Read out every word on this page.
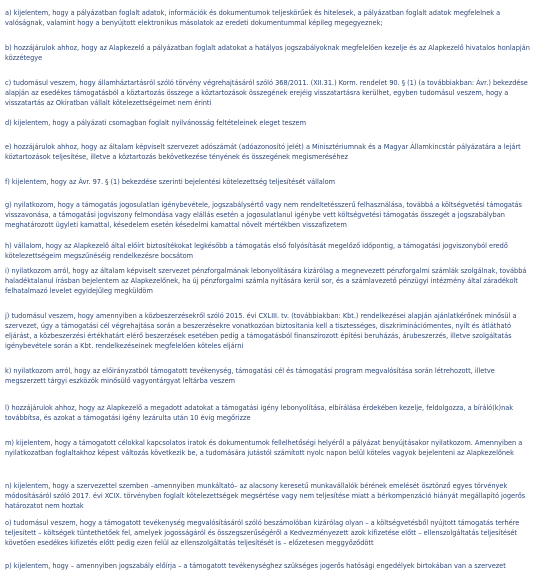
a) kijelentem, hogy a pályázatban foglalt adatok, információk és dokumentumok teljeskörűek és hitelesek, a pályázatban foglalt adatok megfelelnek a valóságnak, valamint hogy a benyújtott elektronikus másolatok az eredeti dokumentummal képileg megegyeznek;
b) hozzájárulok ahhoz, hogy az Alapkezelő a pályázatban foglalt adatokat a hatályos jogszabályoknak megfelelően kezelje és az Alapkezelő hivatalos honlapján közzétegye
c) tudomásul veszem, hogy államháztartásról szóló törvény végrehajtásáról szóló 368/2011. (XII.31.) Korm. rendelet 90. § (1) (a továbbiakban: Ávr.) bekezdése alapján az esedékes támogatásból a köztartozás összege a köztartozások összegének erejéig visszatartásra kerülhet, egyben tudomásul veszem, hogy a visszatartás az Okiratban vállalt kötelezettségeimet nem érinti
d) kijelentem, hogy a pályázati csomagban foglalt nyilvánosság feltételeinek eleget teszem
e) hozzájárulok ahhoz, hogy az általam képviselt szervezet adószámát (adóazonosító jelét) a Minisztériumnak és a Magyar Államkincstár pályázatára a lejárt köztartozások teljesítése, illetve a köztartozás bekövetkezése tényének és összegének megismeréséhez
f) kijelentem, hogy az Ávr. 97. § (1) bekezdése szerinti bejelentési kötelezettség teljesítését vállalom
g) nyilatkozom, hogy a támogatás jogosulatlan igénybevétele, jogszabálysértő vagy nem rendeltetésszerű felhasználása, továbbá a költségvetési támogatás visszavonása, a támogatási jogviszony felmondása vagy elállás esetén a jogosulatlanul igénybe vett költségvetési támogatás összegét a jogszabályban meghatározott ügyleti kamattal, késedelem esetén késedelmi kamattal növelt mértékben visszafizetem
h) vállalom, hogy az Alapkezelő által előírt biztosítékokat legkésőbb a támogatás első folyósítását megelőző időpontig, a támogatási jogviszonyból eredő kötelezettségeim megszűnéséig rendelkezésre bocsátom
i) nyilatkozom arról, hogy az általam képviselt szervezet pénzforgalmának lebonyolítására kizárólag a megnevezett pénzforgalmi számlák szolgálnak, továbbá haladéktalanul írásban bejelentem az Alapkezelőnek, ha új pénzforgalmi számla nyitására kerül sor, és a számlavezető pénzügyi intézmény által záradékolt felhatalmazó levelet egyidejűleg megküldöm
j) tudomásul veszem, hogy amennyiben a közbeszerzésekről szóló 2015. évi CXLIII. tv. (továbbiakban: Kbt.) rendelkezései alapján ajánlatkérőnek minősül a szervezet, úgy a támogatási cél végrehajtása során a beszerzésekre vonatkozóan biztosítania kell a tisztességes, diszkriminációmentes, nyílt és átlátható eljárást, a közbeszerzési értékhatárt elérő beszerzések esetében pedig a támogatásból finanszírozott építési beruházás, árubeszerzés, illetve szolgáltatás igénybevétele során a Kbt. rendelkezéseinek megfelelően köteles eljárni
k) nyilatkozom arról, hogy az előirányzatból támogatott tevékenység, támogatási cél és támogatási program megvalósítása során létrehozott, illetve megszerzett tárgyi eszközök minősülő vagyontárgyat leltárba veszem
l) hozzájárulok ahhoz, hogy az Alapkezelő a megadott adatokat a támogatási igény lebonyolítása, elbírálása érdekében kezelje, feldolgozza, a bíráló(k)nak továbbítsa, és azokat a támogatási igény lezárulta után 10 évig megőrizze
m) kijelentem, hogy a támogatott célokkal kapcsolatos iratok és dokumentumok fellelhetőségi helyéről a pályázat benyújtásakor nyilatkozom. Amennyiben a nyilatkozatban foglaltakhoz képest változás következik be, a tudomására jutástól számított nyolc napon belül köteles vagyok bejelenteni az Alapkezelőnek
n) kijelentem, hogy a szervezettel szemben –amennyiben munkáltató– az alacsony keresetű munkavállalók bérének emelését ösztönző egyes törvények módosításáról szóló 2017. évi XCIX. törvényben foglalt kötelezettségek megsértése vagy nem teljesítése miatt a bérkompenzáció hiányát megállapító jogerős határozatot nem hoztak
o) tudomásul veszem, hogy a támogatott tevékenység megvalósításáról szóló beszámolóban kizárólag olyan – a költségvetésből nyújtott támogatás terhére teljesített – költségek tüntethetőek fel, amelyek jogosságáról és összegszerűségéről a Kedvezményezett azok kifizetése előtt – ellenszolgáltatás teljesítését követően esedékes kifizetés előtt pedig ezen felül az ellenszolgáltatás teljesítését is – előzetesen meggyőződött
p) kijelentem, hogy – amennyiben jogszabály előírja – a támogatott tevékenységhez szükséges jogerős hatósági engedélyek birtokában van a szervezet
